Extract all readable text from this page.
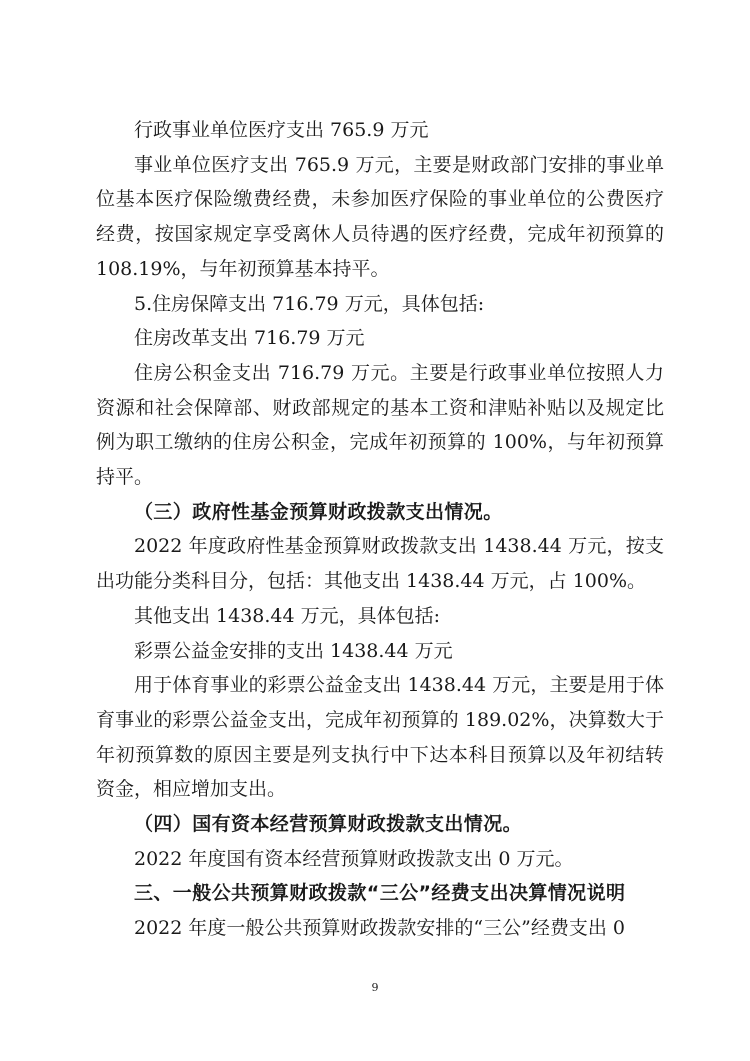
行政事业单位医疗支出 765.9 万元

事业单位医疗支出 765.9 万元，主要是财政部门安排的事业单位基本医疗保险缴费经费，未参加医疗保险的事业单位的公费医疗经费，按国家规定享受离休人员待遇的医疗经费，完成年初预算的 108.19%，与年初预算基本持平。

5.住房保障支出 716.79 万元，具体包括:

住房改革支出 716.79 万元

住房公积金支出 716.79 万元。主要是行政事业单位按照人力资源和社会保障部、财政部规定的基本工资和津贴补贴以及规定比例为职工缴纳的住房公积金，完成年初预算的 100%，与年初预算持平。

（三）政府性基金预算财政拨款支出情况。

2022 年度政府性基金预算财政拨款支出 1438.44 万元，按支出功能分类科目分，包括：其他支出 1438.44 万元，占 100%。

其他支出 1438.44 万元，具体包括:

彩票公益金安排的支出 1438.44 万元

用于体育事业的彩票公益金支出 1438.44 万元，主要是用于体育事业的彩票公益金支出，完成年初预算的 189.02%，决算数大于年初预算数的原因主要是列支执行中下达本科目预算以及年初结转资金，相应增加支出。

（四）国有资本经营预算财政拨款支出情况。

2022 年度国有资本经营预算财政拨款支出 0 万元。

三、一般公共预算财政拨款“三公”经费支出决算情况说明

2022 年度一般公共预算财政拨款安排的“三公”经费支出 0

9
